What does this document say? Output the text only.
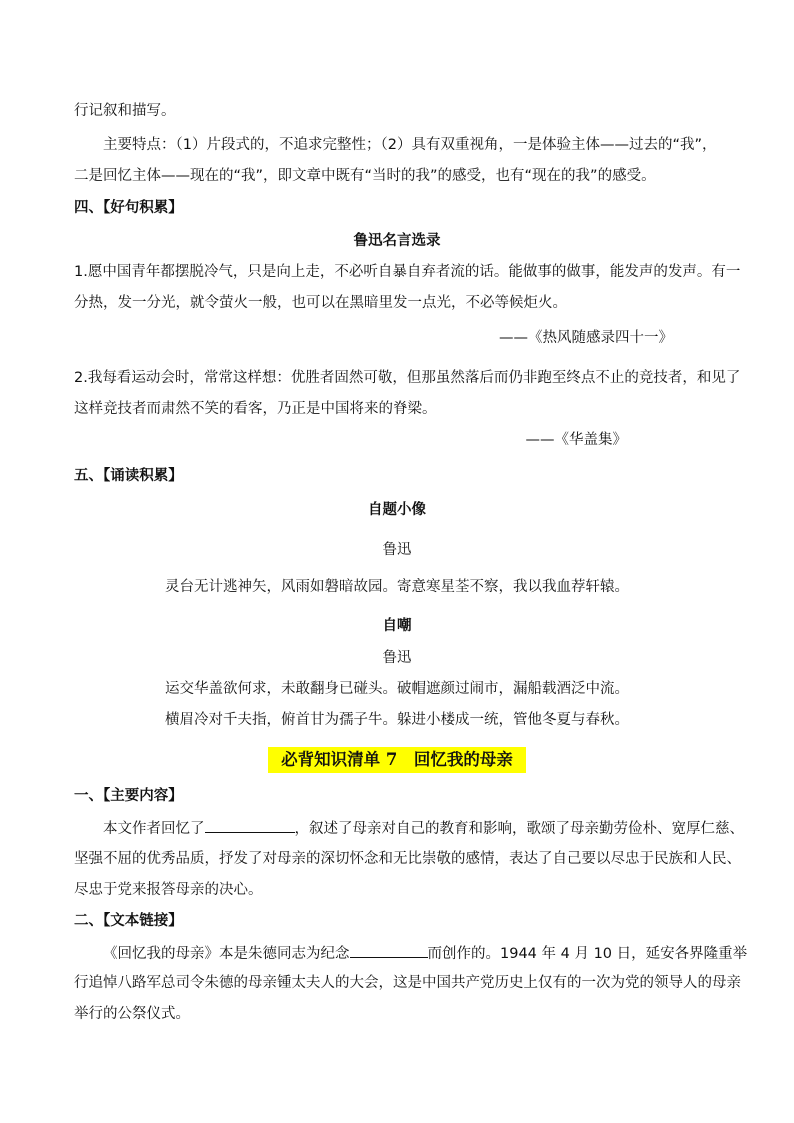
行记叙和描写。
主要特点：（1）片段式的，不追求完整性；（2）具有双重视角，一是体验主体——过去的“我”，
二是回忆主体——现在的“我”，即文章中既有“当时的我”的感受，也有“现在的我”的感受。
四、【好句积累】
鲁迅名言选录
1.愿中国青年都摆脱冷气，只是向上走，不必听自暴自弃者流的话。能做事的做事，能发声的发声。有一
分热，发一分光，就令萤火一般，也可以在黑暗里发一点光，不必等候炬火。
——《热风随感录四十一》
2.我每看运动会时，常常这样想：优胜者固然可敬，但那虽然落后而仍非跑至终点不止的竞技者，和见了
这样竞技者而肃然不笑的看客，乃正是中国将来的脊梁。
——《华盖集》
五、【诵读积累】
自题小像
鲁迅
灵台无计逃神矢，风雨如磐暗故园。寄意寒星荃不察，我以我血荐轩辕。
自嘲
鲁迅
运交华盖欲何求，未敢翻身已碰头。破帽遮颜过闹市，漏船载酒泛中流。
横眉冷对千夫指，俯首甘为孺子牛。躲进小楼成一统，管他冬夏与春秋。
必背知识清单 7　回忆我的母亲
一、【主要内容】
本文作者回忆了	，叙述了母亲对自己的教育和影响，歌颂了母亲勤劳俭朴、宽厚仁慈、
坚强不屈的优秀品质，抒发了对母亲的深切怀念和无比崇敬的感情，表达了自己要以尽忠于民族和人民、
尽忠于党来报答母亲的决心。
二、【文本链接】
《回忆我的母亲》本是朱德同志为纪念	而创作的。1944 年 4 月 10 日，延安各界隆重举
行追悼八路军总司令朱德的母亲锺太夫人的大会，这是中国共产党历史上仅有的一次为党的领导人的母亲
举行的公祭仪式。
